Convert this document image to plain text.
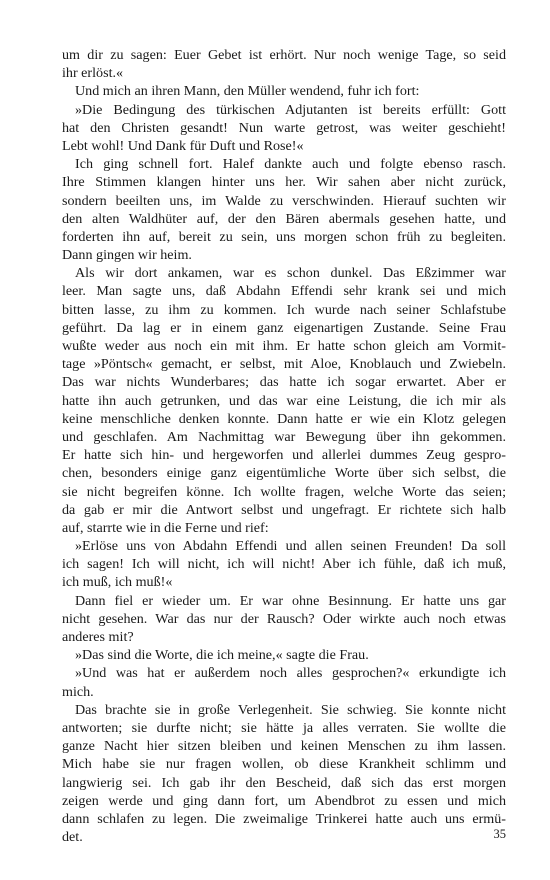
um dir zu sagen: Euer Gebet ist erhört. Nur noch wenige Tage, so seid
ihr erlöst.«
Und mich an ihren Mann, den Müller wendend, fuhr ich fort:
»Die Bedingung des türkischen Adjutanten ist bereits erfüllt: Gott
hat den Christen gesandt! Nun warte getrost, was weiter geschieht!
Lebt wohl! Und Dank für Duft und Rose!«
Ich ging schnell fort. Halef dankte auch und folgte ebenso rasch.
Ihre Stimmen klangen hinter uns her. Wir sahen aber nicht zurück,
sondern beeilten uns, im Walde zu verschwinden. Hierauf suchten wir
den alten Waldhüter auf, der den Bären abermals gesehen hatte, und
forderten ihn auf, bereit zu sein, uns morgen schon früh zu begleiten.
Dann gingen wir heim.
Als wir dort ankamen, war es schon dunkel. Das Eßzimmer war
leer. Man sagte uns, daß Abdahn Effendi sehr krank sei und mich
bitten lasse, zu ihm zu kommen. Ich wurde nach seiner Schlafstube
geführt. Da lag er in einem ganz eigenartigen Zustande. Seine Frau
wußte weder aus noch ein mit ihm. Er hatte schon gleich am Vormit-
tage »Pöntsch« gemacht, er selbst, mit Aloe, Knoblauch und Zwiebeln.
Das war nichts Wunderbares; das hatte ich sogar erwartet. Aber er
hatte ihn auch getrunken, und das war eine Leistung, die ich mir als
keine menschliche denken konnte. Dann hatte er wie ein Klotz gelegen
und geschlafen. Am Nachmittag war Bewegung über ihn gekommen.
Er hatte sich hin- und hergeworfen und allerlei dummes Zeug gespro-
chen, besonders einige ganz eigentümliche Worte über sich selbst, die
sie nicht begreifen könne. Ich wollte fragen, welche Worte das seien;
da gab er mir die Antwort selbst und ungefragt. Er richtete sich halb
auf, starrte wie in die Ferne und rief:
»Erlöse uns von Abdahn Effendi und allen seinen Freunden! Da soll
ich sagen! Ich will nicht, ich will nicht! Aber ich fühle, daß ich muß,
ich muß, ich muß!«
Dann fiel er wieder um. Er war ohne Besinnung. Er hatte uns gar
nicht gesehen. War das nur der Rausch? Oder wirkte auch noch etwas
anderes mit?
»Das sind die Worte, die ich meine,« sagte die Frau.
»Und was hat er außerdem noch alles gesprochen?« erkundigte ich
mich.
Das brachte sie in große Verlegenheit. Sie schwieg. Sie konnte nicht
antworten; sie durfte nicht; sie hätte ja alles verraten. Sie wollte die
ganze Nacht hier sitzen bleiben und keinen Menschen zu ihm lassen.
Mich habe sie nur fragen wollen, ob diese Krankheit schlimm und
langwierig sei. Ich gab ihr den Bescheid, daß sich das erst morgen
zeigen werde und ging dann fort, um Abendbrot zu essen und mich
dann schlafen zu legen. Die zweimalige Trinkerei hatte auch uns ermü-
det.	35
